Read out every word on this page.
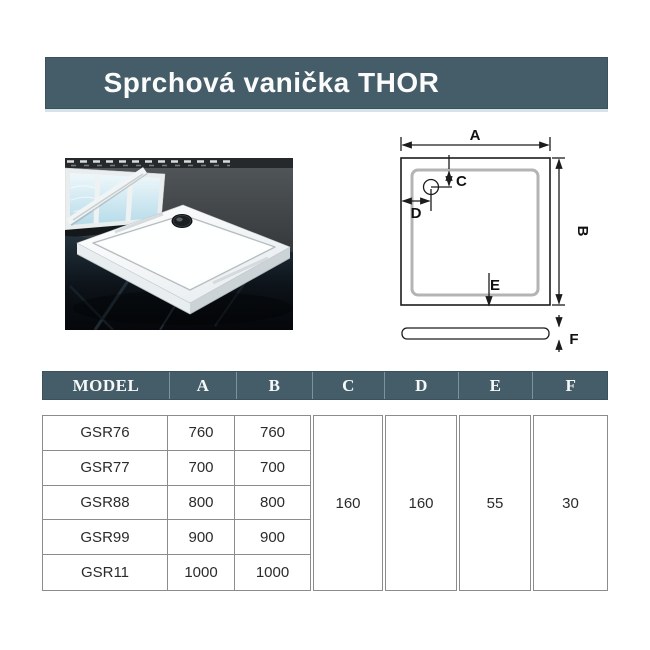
Sprchová vanička THOR
A
B
C
D
E
F
MODEL	A	B	C	D	E	F
GSR76	760	760
GSR77	700	700
GSR88	800	800
GSR99	900	900
GSR11	1000	1000
160	160	55	30
